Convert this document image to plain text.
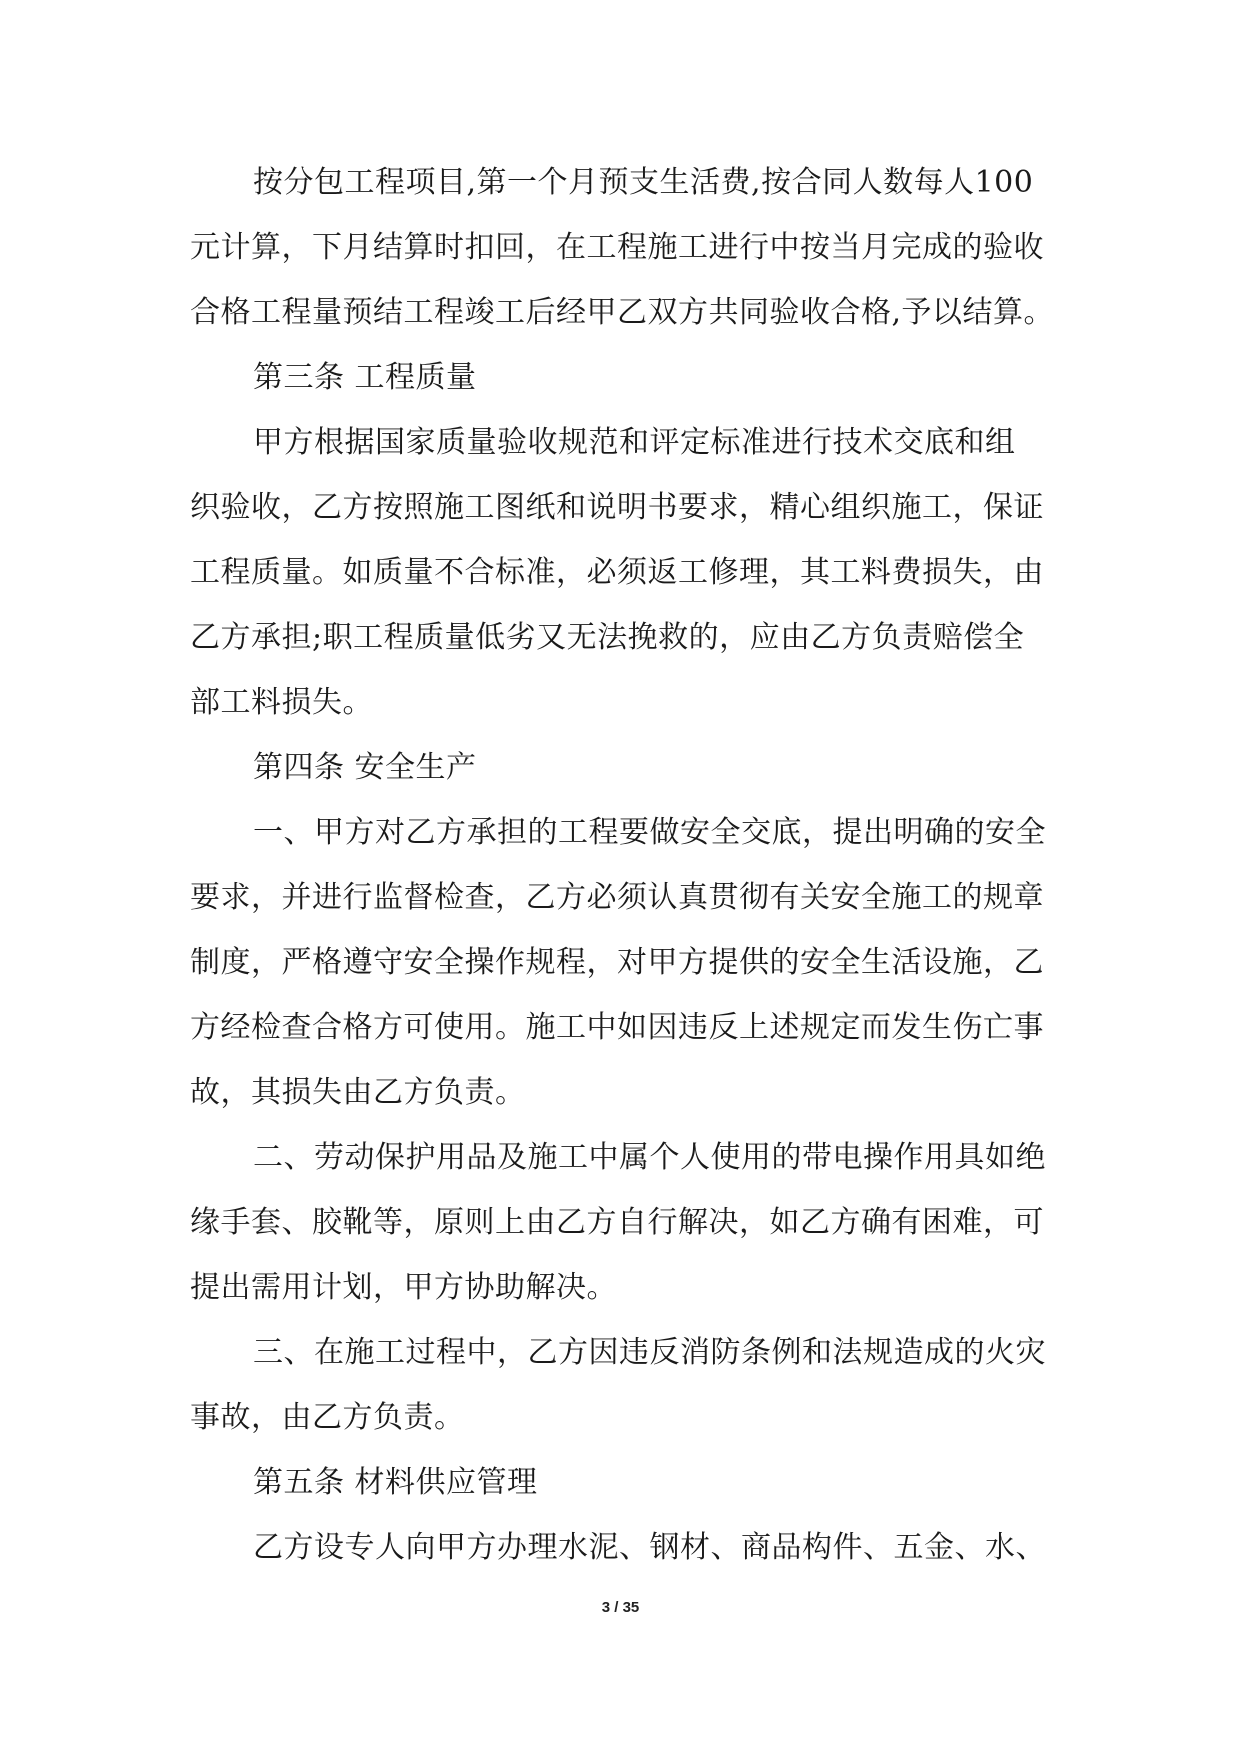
按分包工程项目,第一个月预支生活费,按合同人数每人100
元计算，下月结算时扣回，在工程施工进行中按当月完成的验收
合格工程量预结工程竣工后经甲乙双方共同验收合格,予以结算。
第三条 工程质量
甲方根据国家质量验收规范和评定标准进行技术交底和组
织验收，乙方按照施工图纸和说明书要求，精心组织施工，保证
工程质量。如质量不合标准，必须返工修理，其工料费损失，由
乙方承担;职工程质量低劣又无法挽救的，应由乙方负责赔偿全
部工料损失。
第四条 安全生产
一、甲方对乙方承担的工程要做安全交底，提出明确的安全
要求，并进行监督检查，乙方必须认真贯彻有关安全施工的规章
制度，严格遵守安全操作规程，对甲方提供的安全生活设施，乙
方经检查合格方可使用。施工中如因违反上述规定而发生伤亡事
故，其损失由乙方负责。
二、劳动保护用品及施工中属个人使用的带电操作用具如绝
缘手套、胶靴等，原则上由乙方自行解决，如乙方确有困难，可
提出需用计划，甲方协助解决。
三、在施工过程中，乙方因违反消防条例和法规造成的火灾
事故，由乙方负责。
第五条 材料供应管理
乙方设专人向甲方办理水泥、钢材、商品构件、五金、水、
3 / 35
